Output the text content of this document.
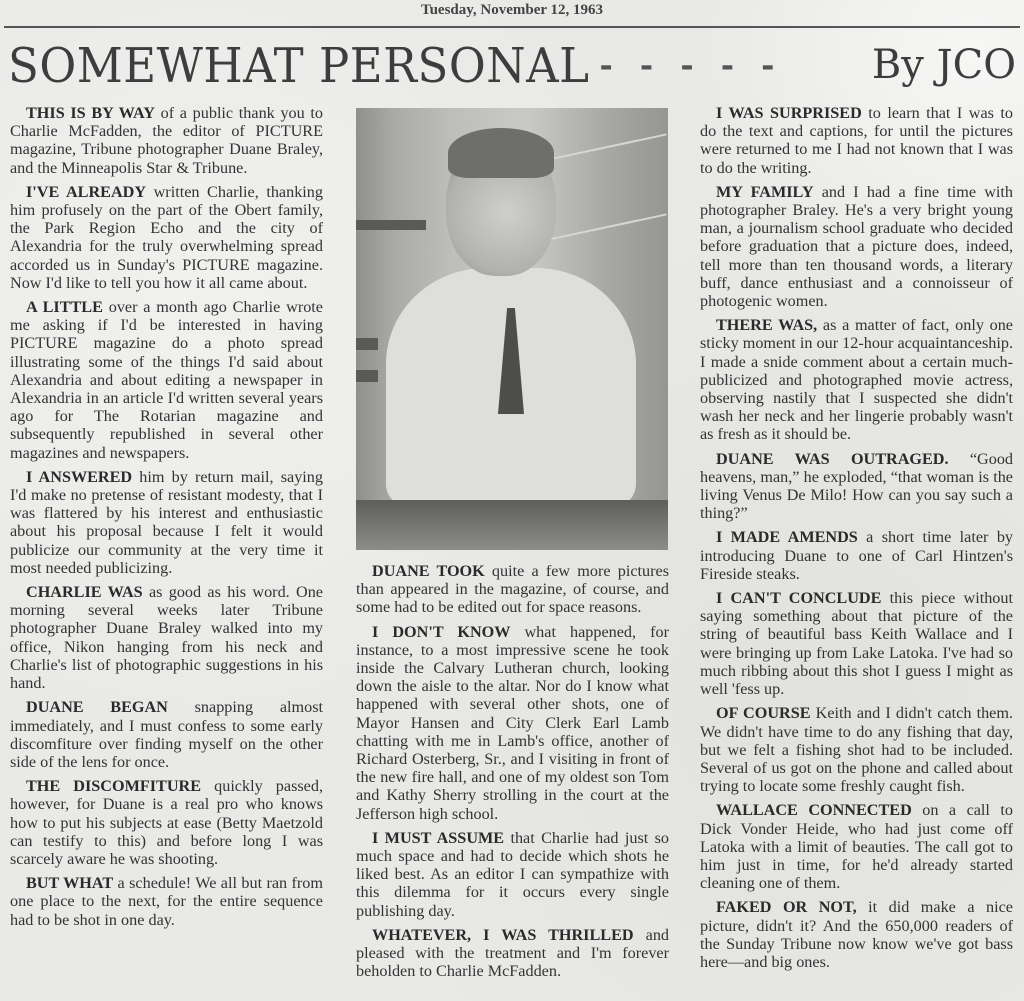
Tuesday, November 12, 1963
SOMEWHAT PERSONAL - - - - -	By JCO

THIS IS BY WAY of a public thank you to Charlie McFadden, the editor of PICTURE magazine, Tribune photographer Duane Braley, and the Minneapolis Star & Tribune.

I'VE ALREADY written Charlie, thanking him profusely on the part of the Obert family, the Park Region Echo and the city of Alexandria for the truly overwhelming spread accorded us in Sunday's PICTURE magazine. Now I'd like to tell you how it all came about.

A LITTLE over a month ago Charlie wrote me asking if I'd be interested in having PICTURE magazine do a photo spread illustrating some of the things I'd said about Alexandria and about editing a newspaper in Alexandria in an article I'd written several years ago for The Rotarian magazine and subsequently republished in several other magazines and newspapers.

I ANSWERED him by return mail, saying I'd make no pretense of resistant modesty, that I was flattered by his interest and enthusiastic about his proposal because I felt it would publicize our community at the very time it most needed publicizing.

CHARLIE WAS as good as his word. One morning several weeks later Tribune photographer Duane Braley walked into my office, Nikon hanging from his neck and Charlie's list of photographic suggestions in his hand.

DUANE BEGAN snapping almost immediately, and I must confess to some early discomfiture over finding myself on the other side of the lens for once.

THE DISCOMFITURE quickly passed, however, for Duane is a real pro who knows how to put his subjects at ease (Betty Maetzold can testify to this) and before long I was scarcely aware he was shooting.

BUT WHAT a schedule! We all but ran from one place to the next, for the entire sequence had to be shot in one day.

DUANE TOOK quite a few more pictures than appeared in the magazine, of course, and some had to be edited out for space reasons.

I DON'T KNOW what happened, for instance, to a most impressive scene he took inside the Calvary Lutheran church, looking down the aisle to the altar. Nor do I know what happened with several other shots, one of Mayor Hansen and City Clerk Earl Lamb chatting with me in Lamb's office, another of Richard Osterberg, Sr., and I visiting in front of the new fire hall, and one of my oldest son Tom and Kathy Sherry strolling in the court at the Jefferson high school.

I MUST ASSUME that Charlie had just so much space and had to decide which shots he liked best. As an editor I can sympathize with this dilemma for it occurs every single publishing day.

WHATEVER, I WAS THRILLED and pleased with the treatment and I'm forever beholden to Charlie McFadden.

I WAS SURPRISED to learn that I was to do the text and captions, for until the pictures were returned to me I had not known that I was to do the writing.

MY FAMILY and I had a fine time with photographer Braley. He's a very bright young man, a journalism school graduate who decided before graduation that a picture does, indeed, tell more than ten thousand words, a literary buff, dance enthusiast and a connoisseur of photogenic women.

THERE WAS, as a matter of fact, only one sticky moment in our 12-hour acquaintanceship. I made a snide comment about a certain much-publicized and photographed movie actress, observing nastily that I suspected she didn't wash her neck and her lingerie probably wasn't as fresh as it should be.

DUANE WAS OUTRAGED. “Good heavens, man,” he exploded, “that woman is the living Venus De Milo! How can you say such a thing?”

I MADE AMENDS a short time later by introducing Duane to one of Carl Hintzen's Fireside steaks.

I CAN'T CONCLUDE this piece without saying something about that picture of the string of beautiful bass Keith Wallace and I were bringing up from Lake Latoka. I've had so much ribbing about this shot I guess I might as well 'fess up.

OF COURSE Keith and I didn't catch them. We didn't have time to do any fishing that day, but we felt a fishing shot had to be included. Several of us got on the phone and called about trying to locate some freshly caught fish.

WALLACE CONNECTED on a call to Dick Vonder Heide, who had just come off Latoka with a limit of beauties. The call got to him just in time, for he'd already started cleaning one of them.

FAKED OR NOT, it did make a nice picture, didn't it? And the 650,000 readers of the Sunday Tribune now know we've got bass here—and big ones.
